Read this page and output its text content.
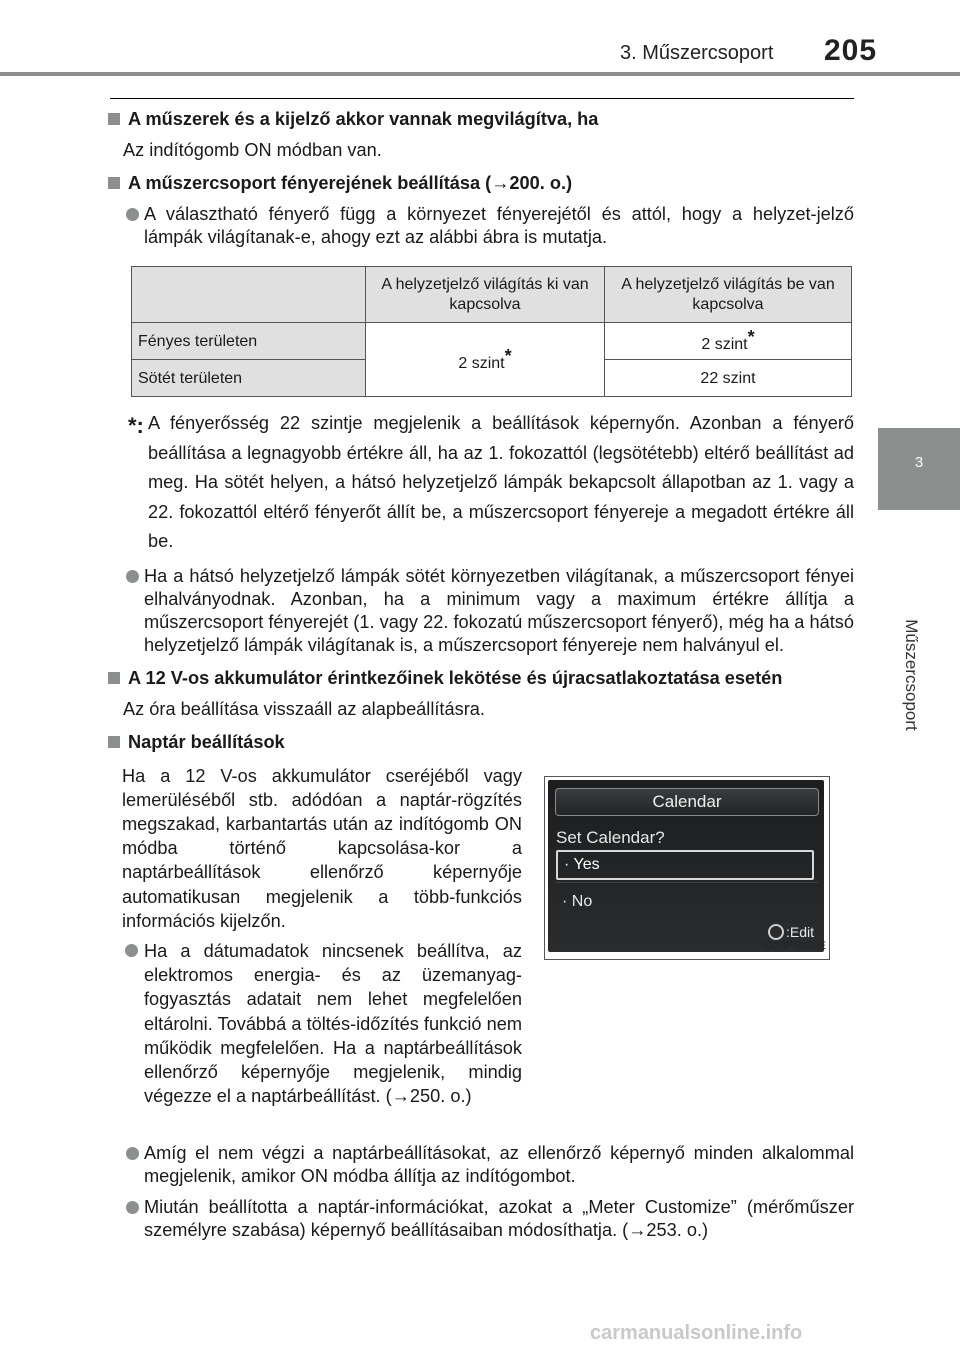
3. Műszercsoport 205
3
Műszercsoport
A műszerek és a kijelző akkor vannak megvilágítva, ha
Az indítógomb ON módban van.
A műszercsoport fényerejének beállítása (→200. o.)
A választható fényerő függ a környezet fényerejétől és attól, hogy a helyzet-jelző lámpák világítanak-e, ahogy ezt az alábbi ábra is mutatja.
	A helyzetjelző világítás ki van kapcsolva	A helyzetjelző világítás be van kapcsolva
Fényes területen	2 szint*	2 szint*
Sötét területen		22 szint
*: A fényerősség 22 szintje megjelenik a beállítások képernyőn. Azonban a fényerő beállítása a legnagyobb értékre áll, ha az 1. fokozattól (legsötétebb) eltérő beállítást ad meg. Ha sötét helyen, a hátsó helyzetjelző lámpák bekapcsolt állapotban az 1. vagy a 22. fokozattól eltérő fényerőt állít be, a műszercsoport fényereje a megadott értékre áll be.
Ha a hátsó helyzetjelző lámpák sötét környezetben világítanak, a műszercsoport fényei elhalványodnak. Azonban, ha a minimum vagy a maximum értékre állítja a műszercsoport fényerejét (1. vagy 22. fokozatú műszercsoport fényerő), még ha a hátsó helyzetjelző lámpák világítanak is, a műszercsoport fényereje nem halványul el.
A 12 V-os akkumulátor érintkezőinek lekötése és újracsatlakoztatása esetén
Az óra beállítása visszaáll az alapbeállításra.
Naptár beállítások
Ha a 12 V-os akkumulátor cseréjéből vagy lemerüléséből stb. adódóan a naptár-rögzítés megszakad, karbantartás után az indítógomb ON módba történő kapcsolása-kor a naptárbeállítások ellenőrző képernyője automatikusan megjelenik a több-funkciós információs kijelzőn.
Ha a dátumadatok nincsenek beállítva, az elektromos energia- és az üzemanyag-fogyasztás adatait nem lehet megfelelően eltárolni. Továbbá a töltés-időzítés funkció nem működik megfelelően. Ha a naptárbeállítások ellenőrző képernyője megjelenik, mindig végezze el a naptárbeállítást. (→250. o.)
Calendar
Set Calendar?
· Yes
· No
:Edit
IO20PS020E
Amíg el nem végzi a naptárbeállításokat, az ellenőrző képernyő minden alkalommal megjelenik, amikor ON módba állítja az indítógombot.
Miután beállította a naptár-információkat, azokat a „Meter Customize” (mérőműszer személyre szabása) képernyő beállításaiban módosíthatja. (→253. o.)
carmanualsonline.info
